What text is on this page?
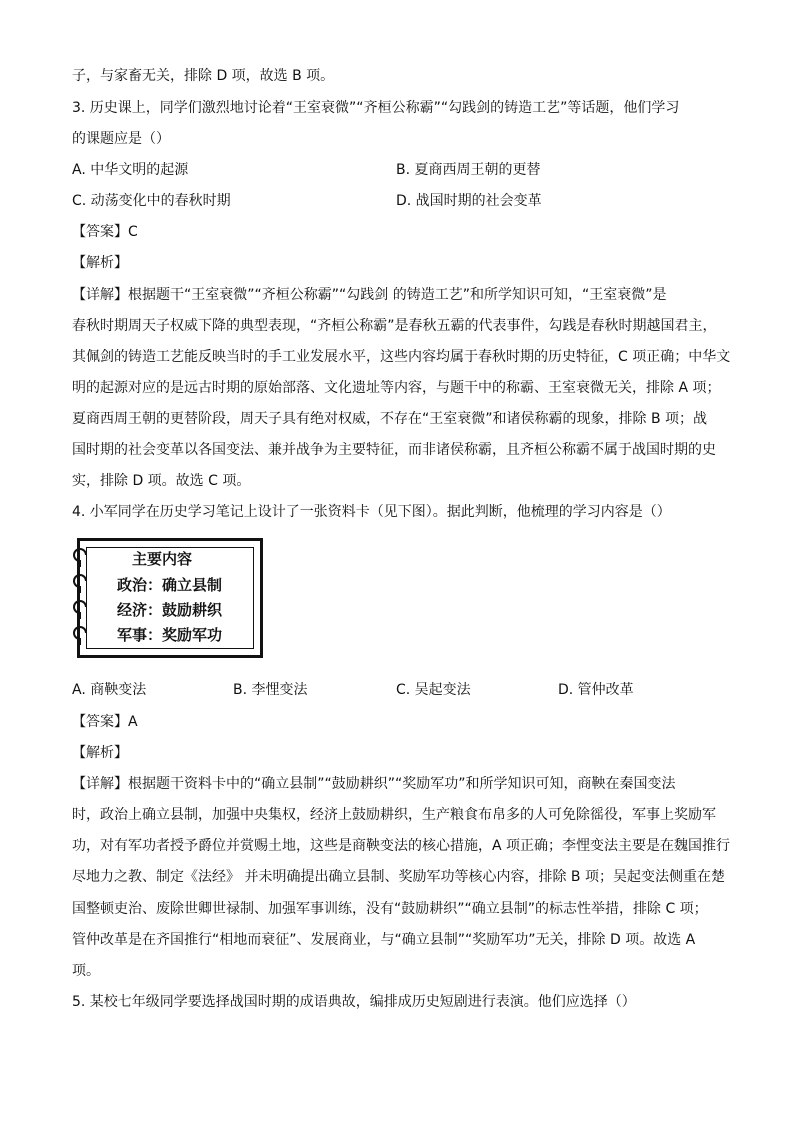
子，与家畜无关，排除 D 项，故选 B 项。
3. 历史课上，同学们激烈地讨论着“王室衰微”“齐桓公称霸”“勾践剑的铸造工艺”等话题，他们学习
的课题应是（）
A. 中华文明的起源	B. 夏商西周王朝的更替
C. 动荡变化中的春秋时期	D. 战国时期的社会变革
【答案】C
【解析】
【详解】根据题干“王室衰微”“齐桓公称霸”“勾践剑 的铸造工艺”和所学知识可知，“王室衰微”是
春秋时期周天子权威下降的典型表现，“齐桓公称霸”是春秋五霸的代表事件，勾践是春秋时期越国君主，
其佩剑的铸造工艺能反映当时的手工业发展水平，这些内容均属于春秋时期的历史特征，C 项正确；中华文
明的起源对应的是远古时期的原始部落、文化遗址等内容，与题干中的称霸、王室衰微无关，排除 A 项；
夏商西周王朝的更替阶段，周天子具有绝对权威，不存在“王室衰微”和诸侯称霸的现象，排除 B 项；战
国时期的社会变革以各国变法、兼并战争为主要特征，而非诸侯称霸，且齐桓公称霸不属于战国时期的史
实，排除 D 项。故选 C 项。
4. 小军同学在历史学习笔记上设计了一张资料卡（见下图）。据此判断，他梳理的学习内容是（）
主要内容
政治：确立县制
经济：鼓励耕织
军事：奖励军功
A. 商鞅变法	B. 李悝变法	C. 吴起变法	D. 管仲改革
【答案】A
【解析】
【详解】根据题干资料卡中的“确立县制”“鼓励耕织”“奖励军功”和所学知识可知，商鞅在秦国变法
时，政治上确立县制，加强中央集权，经济上鼓励耕织，生产粮食布帛多的人可免除徭役，军事上奖励军
功，对有军功者授予爵位并赏赐土地，这些是商鞅变法的核心措施，A 项正确；李悝变法主要是在魏国推行
尽地力之教、制定《法经》 并未明确提出确立县制、奖励军功等核心内容，排除 B 项；吴起变法侧重在楚
国整顿吏治、废除世卿世禄制、加强军事训练，没有“鼓励耕织”“确立县制”的标志性举措，排除 C 项；
管仲改革是在齐国推行“相地而衰征”、发展商业，与“确立县制”“奖励军功”无关，排除 D 项。故选 A
项。
5. 某校七年级同学要选择战国时期的成语典故，编排成历史短剧进行表演。他们应选择（）
